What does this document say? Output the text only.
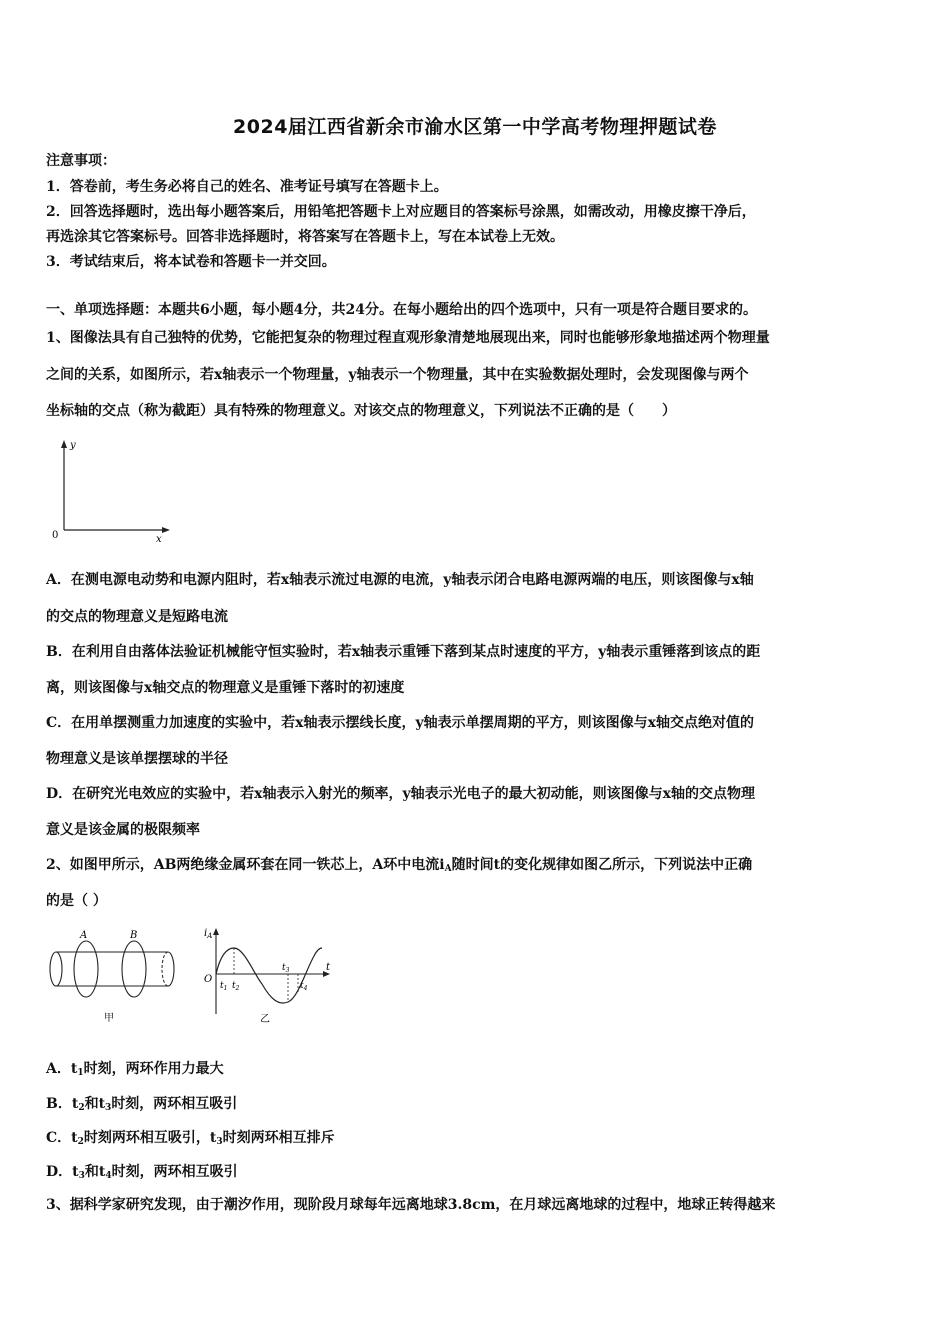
2024届江西省新余市渝水区第一中学高考物理押题试卷
注意事项：
1．答卷前，考生务必将自己的姓名、准考证号填写在答题卡上。
2．回答选择题时，选出每小题答案后，用铅笔把答题卡上对应题目的答案标号涂黑，如需改动，用橡皮擦干净后，
再选涂其它答案标号。回答非选择题时，将答案写在答题卡上，写在本试卷上无效。
3．考试结束后，将本试卷和答题卡一并交回。
一、单项选择题：本题共6小题，每小题4分，共24分。在每小题给出的四个选项中，只有一项是符合题目要求的。
1、图像法具有自己独特的优势，它能把复杂的物理过程直观形象清楚地展现出来，同时也能够形象地描述两个物理量
之间的关系，如图所示，若x轴表示一个物理量，y轴表示一个物理量，其中在实验数据处理时，会发现图像与两个
坐标轴的交点（称为截距）具有特殊的物理意义。对该交点的物理意义，下列说法不正确的是（　　）
y
x
0
A．在测电源电动势和电源内阻时，若x轴表示流过电源的电流，y轴表示闭合电路电源两端的电压，则该图像与x轴
的交点的物理意义是短路电流
B．在利用自由落体法验证机械能守恒实验时，若x轴表示重锤下落到某点时速度的平方，y轴表示重锤落到该点的距
离，则该图像与x轴交点的物理意义是重锤下落时的初速度
C．在用单摆测重力加速度的实验中，若x轴表示摆线长度，y轴表示单摆周期的平方，则该图像与x轴交点绝对值的
物理意义是该单摆摆球的半径
D．在研究光电效应的实验中，若x轴表示入射光的频率，y轴表示光电子的最大初动能，则该图像与x轴的交点物理
意义是该金属的极限频率
2、如图甲所示，AB两绝缘金属环套在同一铁芯上，A环中电流$i_A$随时间t的变化规律如图乙所示，下列说法中正确
的是（ ）
A	B
甲
$i_A$
O
t
$t_1$ $t_2$
$t_3$
$t_4$
乙
A．$t_1$时刻，两环作用力最大
B．$t_2$和$t_3$时刻，两环相互吸引
C．$t_2$时刻两环相互吸引，$t_3$时刻两环相互排斥
D．$t_3$和$t_4$时刻，两环相互吸引
3、据科学家研究发现，由于潮汐作用，现阶段月球每年远离地球3.8cm，在月球远离地球的过程中，地球正转得越来
